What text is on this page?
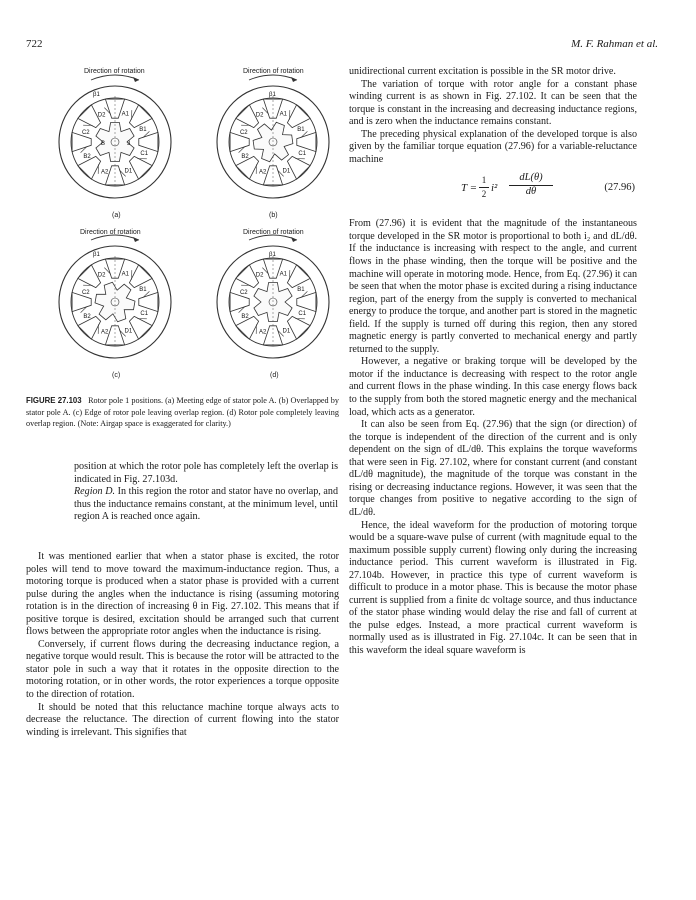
722	M. F. Rahman et al.
A1
B1
C1
D1
A2
B2
C2
D2
β1
B	3
A1
B1
C1
D1
A2
B2
C2
D2
β1
A1
B1
C1
D1
A2
B2
C2
D2
β1
A1
B1
C1
D1
A2
B2
C2
D2
β1
Direction of rotation	Direction of rotation
Direction of rotation	Direction of rotation
(a)	(b)
(c)	(d)
FIGURE 27.103 Rotor pole 1 positions. (a) Meeting edge of stator pole A. (b) Overlapped by stator pole A. (c) Edge of rotor pole leaving overlap region. (d) Rotor pole completely leaving overlap region. (Note: Airgap space is exaggerated for clarity.)

position at which the rotor pole has completely left the overlap is indicated in Fig. 27.103d.

Region D. In this region the rotor and stator have no overlap, and thus the inductance remains constant, at the minimum level, until region A is reached once again.

It was mentioned earlier that when a stator phase is excited, the rotor poles will tend to move toward the maximum-inductance region. Thus, a motoring torque is produced when a stator phase is provided with a current pulse during the angles when the inductance is rising (assuming motoring rotation is in the direction of increasing θ in Fig. 27.102. This means that if positive torque is desired, excitation should be arranged such that current flows between the appropriate rotor angles when the inductance is rising.

Conversely, if current flows during the decreasing inductance region, a negative torque would result. This is because the rotor will be attracted to the stator pole in such a way that it rotates in the opposite direction to the motoring rotation, or in other words, the rotor experiences a torque opposite to the direction of rotation.

It should be noted that this reluctance machine torque always acts to decrease the reluctance. The direction of current flowing into the stator winding is irrelevant. This signifies that

unidirectional current excitation is possible in the SR motor drive.

The variation of torque with rotor angle for a constant phase winding current is as shown in Fig. 27.102. It can be seen that the torque is constant in the increasing and decreasing inductance regions, and is zero when the inductance remains constant.

The preceding physical explanation of the developed torque is also given by the familiar torque equation (27.96) for a variable-reluctance machine

$T = \frac{1}{2} i^2 \frac{dL(\theta)}{d\theta}$	(27.96)

From (27.96) it is evident that the magnitude of the instantaneous torque developed in the SR motor is proportional to both i₂ and dL/dθ. If the inductance is increasing with respect to the angle, and current flows in the phase winding, then the torque will be positive and the machine will operate in motoring mode. Hence, from Eq. (27.96) it can be seen that when the motor phase is excited during a rising inductance region, part of the energy from the supply is converted to mechanical energy to produce the torque, and another part is stored in the magnetic field. If the supply is turned off during this region, then any stored magnetic energy is partly converted to mechanical energy and partly returned to the supply.

However, a negative or braking torque will be developed by the motor if the inductance is decreasing with respect to the rotor angle and current flows in the phase winding. In this case energy flows back to the supply from both the stored magnetic energy and the mechanical load, which acts as a generator.

It can also be seen from Eq. (27.96) that the sign (or direction) of the torque is independent of the direction of the current and is only dependent on the sign of dL/dθ. This explains the torque waveforms that were seen in Fig. 27.102, where for constant current (and constant dL/dθ magnitude), the magnitude of the torque was constant in the rising or decreasing inductance regions. However, it was seen that the torque changes from positive to negative according to the sign of dL/dθ.

Hence, the ideal waveform for the production of motoring torque would be a square-wave pulse of current (with magnitude equal to the maximum possible supply current) flowing only during the increasing inductance period. This current waveform is illustrated in Fig. 27.104b. However, in practice this type of current waveform is difficult to produce in a motor phase. This is because the motor phase current is supplied from a finite dc voltage source, and thus inductance of the stator phase winding would delay the rise and fall of current at the pulse edges. Instead, a more practical current waveform is normally used as is illustrated in Fig. 27.104c. It can be seen that in this waveform the ideal square waveform is
